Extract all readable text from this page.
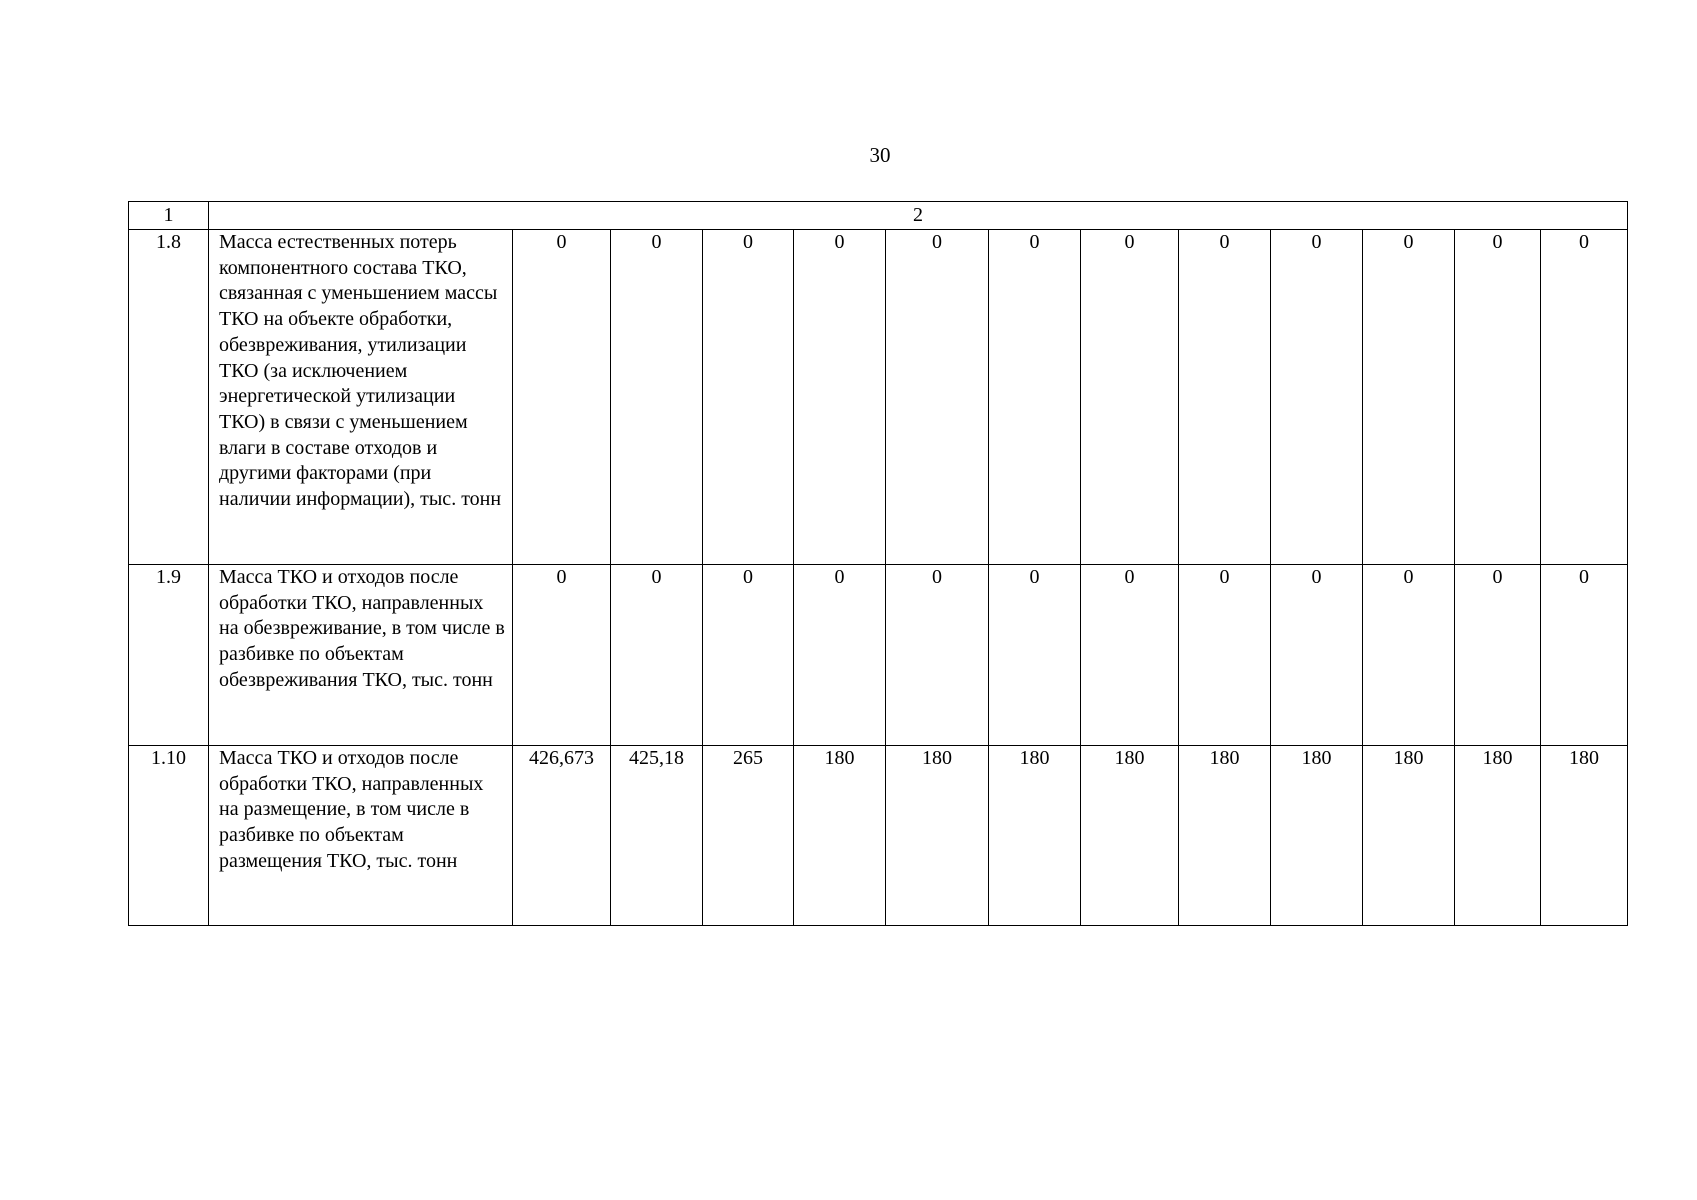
30
1	2												
1.8	Масса естественных потерь компонентного состава ТКО, связанная с уменьшением массы ТКО на объекте обработки, обезвреживания, утилизации ТКО (за исключением энергетической утилизации ТКО) в связи с уменьшением влаги в составе отходов и другими факторами (при наличии информации), тыс. тонн	0	0	0	0	0	0	0	0	0	0	0	0
1.9	Масса ТКО и отходов после обработки ТКО, направленных на обезвреживание, в том числе в разбивке по объектам обезвреживания ТКО, тыс. тонн	0	0	0	0	0	0	0	0	0	0	0	0
1.10	Масса ТКО и отходов после обработки ТКО, направленных на размещение, в том числе в разбивке по объектам размещения ТКО, тыс. тонн	426,673	425,18	265	180	180	180	180	180	180	180	180	180
